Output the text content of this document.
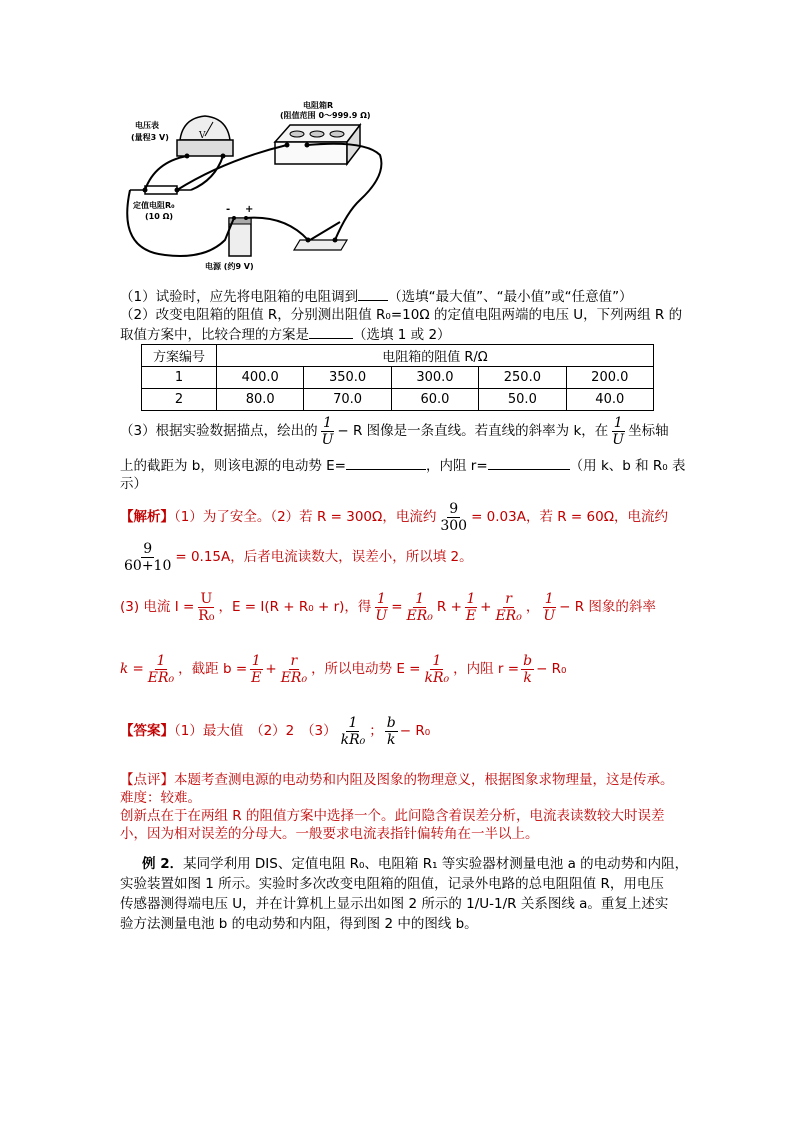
V
电压表
(量程3 V)
电阻箱R
(阻值范围 0～999.9 Ω)
定值电阻R₀
(10 Ω)
- +
电源 (约9 V)
（1）试验时，应先将电阻箱的电阻调到 （选填“最大值”、“最小值”或“任意值”）
（2）改变电阻箱的阻值 R，分别测出阻值 R₀=10Ω 的定值电阻两端的电压 U，下列两组 R 的
取值方案中，比较合理的方案是	（选填 1 或 2）
方案编号	电阻箱的阻值 R/Ω				
1	400.0	350.0	300.0	250.0	200.0
2	80.0	70.0	60.0	50.0	40.0
（3）根据实验数据描点，绘出的 $\frac{1}{U} - R$ 图像是一条直线。若直线的斜率为 k，在 $\frac{1}{U}$ 坐标轴
上的截距为 b，则该电源的电动势 E=	，内阻 r=	（用 k、b 和 R₀ 表
示）
【解析】（1）为了安全。（2）若 R = 300Ω，电流约 $\frac{9}{300} = 0.03A$，若 R = 60Ω，电流约
$\frac{9}{60+10} = 0.15A$，后者电流读数大，误差小，所以填 2。
(3) 电流 $I = \frac{U}{\text{R₀}}$ ，E = I(R + R₀ + r)，得 $\frac{1}{U} = \frac{1}{\text{ER₀}}$ $R + \frac{1}{E} + \frac{r}{\text{ER₀}}$ ， $\frac{1}{U} - R$ 图象的斜率
$k = \frac{1}{\text{ER₀}}$ ，截距 $b = \frac{1}{E} + \frac{r}{\text{ER₀}}$ ，所以电动势 $E = \frac{1}{\text{kR₀}}$ ，内阻 $r = \frac{b}{k} - R_0$
【答案】（1）最大值　（2）2　$(3) \frac{1}{\text{kR₀}}$ ； $\frac{b}{k} - R_0$
【点评】本题考查测电源的电动势和内阻及图象的物理意义，根据图象求物理量，这是传承。
难度：较难。
创新点在于在两组 R 的阻值方案中选择一个。此问隐含着误差分析，电流表读数较大时误差
小，因为相对误差的分母大。一般要求电流表指针偏转角在一半以上。
例 2．某同学利用 DIS、定值电阻 R₀、电阻箱 R₁ 等实验器材测量电池 a 的电动势和内阻，
实验装置如图 1 所示。实验时多次改变电阻箱的阻值，记录外电路的总电阻阻值 R，用电压
传感器测得端电压 U，并在计算机上显示出如图 2 所示的 1/U-1/R 关系图线 a。重复上述实
验方法测量电池 b 的电动势和内阻，得到图 2 中的图线 b。
